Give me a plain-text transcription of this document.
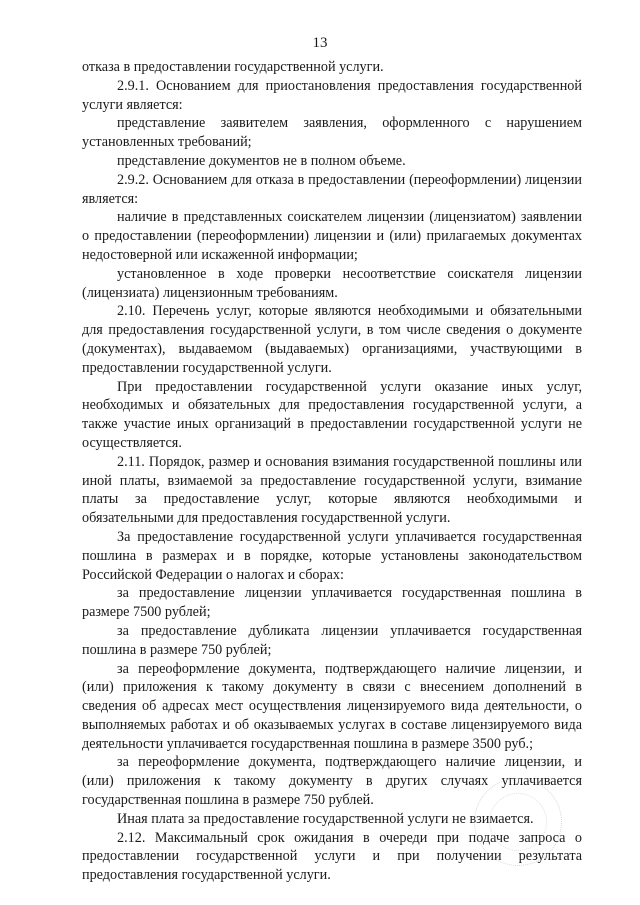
13

отказа в предоставлении государственной услуги.

2.9.1. Основанием для приостановления предоставления государственной услуги является:

представление заявителем заявления, оформленного с нарушением установленных требований;

представление документов не в полном объеме.

2.9.2. Основанием для отказа в предоставлении (переоформлении) лицензии является:

наличие в представленных соискателем лицензии (лицензиатом) заявлении о предоставлении (переоформлении) лицензии и (или) прилагаемых документах недостоверной или искаженной информации;

установленное в ходе проверки несоответствие соискателя лицензии (лицензиата) лицензионным требованиям.

2.10. Перечень услуг, которые являются необходимыми и обязательными для предоставления государственной услуги, в том числе сведения о документе (документах), выдаваемом (выдаваемых) организациями, участвующими в предоставлении государственной услуги.

При предоставлении государственной услуги оказание иных услуг, необходимых и обязательных для предоставления государственной услуги, а также участие иных организаций в предоставлении государственной услуги не осуществляется.

2.11. Порядок, размер и основания взимания государственной пошлины или иной платы, взимаемой за предоставление государственной услуги, взимание платы за предоставление услуг, которые являются необходимыми и обязательными для предоставления государственной услуги.

За предоставление государственной услуги уплачивается государственная пошлина в размерах и в порядке, которые установлены законодательством Российской Федерации о налогах и сборах:

за предоставление лицензии уплачивается государственная пошлина в размере 7500 рублей;

за предоставление дубликата лицензии уплачивается государственная пошлина в размере 750 рублей;

за переоформление документа, подтверждающего наличие лицензии, и (или) приложения к такому документу в связи с внесением дополнений в сведения об адресах мест осуществления лицензируемого вида деятельности, о выполняемых работах и об оказываемых услугах в составе лицензируемого вида деятельности уплачивается государственная пошлина в размере 3500 руб.;

за переоформление документа, подтверждающего наличие лицензии, и (или) приложения к такому документу в других случаях уплачивается государственная пошлина в размере 750 рублей.

Иная плата за предоставление государственной услуги не взимается.

2.12. Максимальный срок ожидания в очереди при подаче запроса о предоставлении государственной услуги и при получении результата предоставления государственной услуги.
